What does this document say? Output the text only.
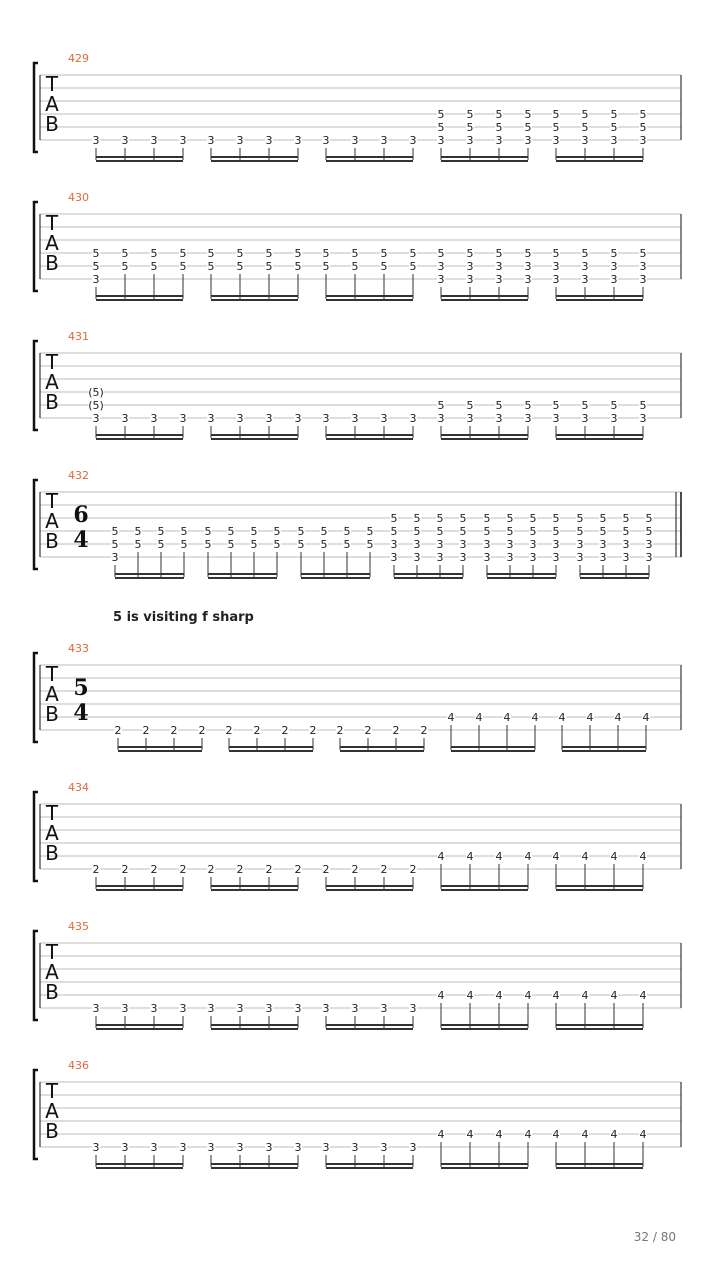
T
A
B
429
3 3 3 3 3 3 3 3 3 3 3 3
5
5
3
5
5
3
5
5
3
5
5
3
5
5
3
5
5
3
5
5
3
5
5
3
T
A
B
430
5
5
3
5
5
5
5
5
5
5
5
5
5
5
5
5
5
5
5
5
5
5
5
5
5
5
3
3
5
3
3
5
3
3
5
3
3
5
3
3
5
3
3
5
3
3
5
3
3
T
A
B
431
(5)
(5)
3 3 3 3 3 3 3 3 3 3 3 3
5
3
5
3
5
3
5
3
5
3
5
3
5
3
5
3
T
A
B
432
6
4 5
5
3
5
5
5
5
5
5
5
5
5
5
5
5
5
5
5
5
5
5
5
5
5
5
5
5
3
3
5
5
3
3
5
5
3
3
5
5
3
3
5
5
3
3
5
5
3
3
5
5
3
3
5
5
3
3
5
5
3
3
5
5
3
3
5
5
3
3
5
5
3
3
T
A
B
433
5
4
2 2 2 2 2 2 2 2 2 2 2 2
4 4 4 4 4 4 4 4
T
A
B
434
2 2 2 2 2 2 2 2 2 2 2 2
4 4 4 4 4 4 4 4
T
A
B
435
3 3 3 3 3 3 3 3 3 3 3 3
4 4 4 4 4 4 4 4
T
A
B
436
3 3 3 3 3 3 3 3 3 3 3 3
4 4 4 4 4 4 4 4
5 is visiting f sharp
32 / 80
